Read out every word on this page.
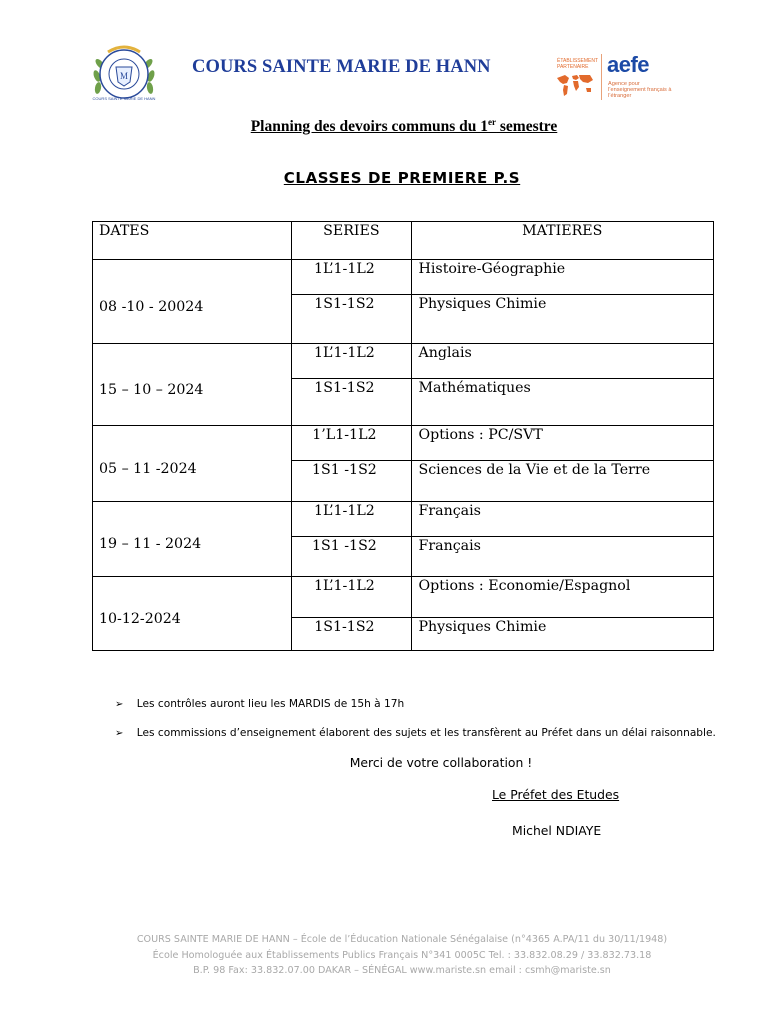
M
COURS SAINTE MARIE DE HANN
COURS SAINTE MARIE DE HANN	ÉTABLISSEMENT PARTENAIRE aefe
Agence pour l’enseignement français à l’étranger
Planning des devoirs communs du 1er semestre
CLASSES DE PREMIERE P.S
DATES	SERIES	MATIERES
08 -10 - 20024	1L’1-1L2	Histoire-Géographie
	1S1-1S2	Physiques Chimie
15 – 10 – 2024	1L’1-1L2	Anglais
	1S1-1S2	Mathématiques
05 – 11 -2024	1’L1-1L2	Options : PC/SVT
	1S1 -1S2	Sciences de la Vie et de la Terre
19 – 11 - 2024	1L’1-1L2	Français
	1S1 -1S2	Français
10-12-2024	1L’1-1L2	Options : Economie/Espagnol
	1S1-1S2	Physiques Chimie
➢ Les contrôles auront lieu les MARDIS de 15h à 17h
➢ Les commissions d’enseignement élaborent des sujets et les transfèrent au Préfet dans un délai raisonnable.
Merci de votre collaboration !
Le Préfet des Etudes
Michel NDIAYE
COURS SAINTE MARIE DE HANN – École de l’Éducation Nationale Sénégalaise (n°4365 A.PA/11 du 30/11/1948)
École Homologuée aux Établissements Publics Français N°341 0005C Tel. : 33.832.08.29 / 33.832.73.18
B.P. 98 Fax: 33.832.07.00 DAKAR – SÉNÉGAL www.mariste.sn email : csmh@mariste.sn
